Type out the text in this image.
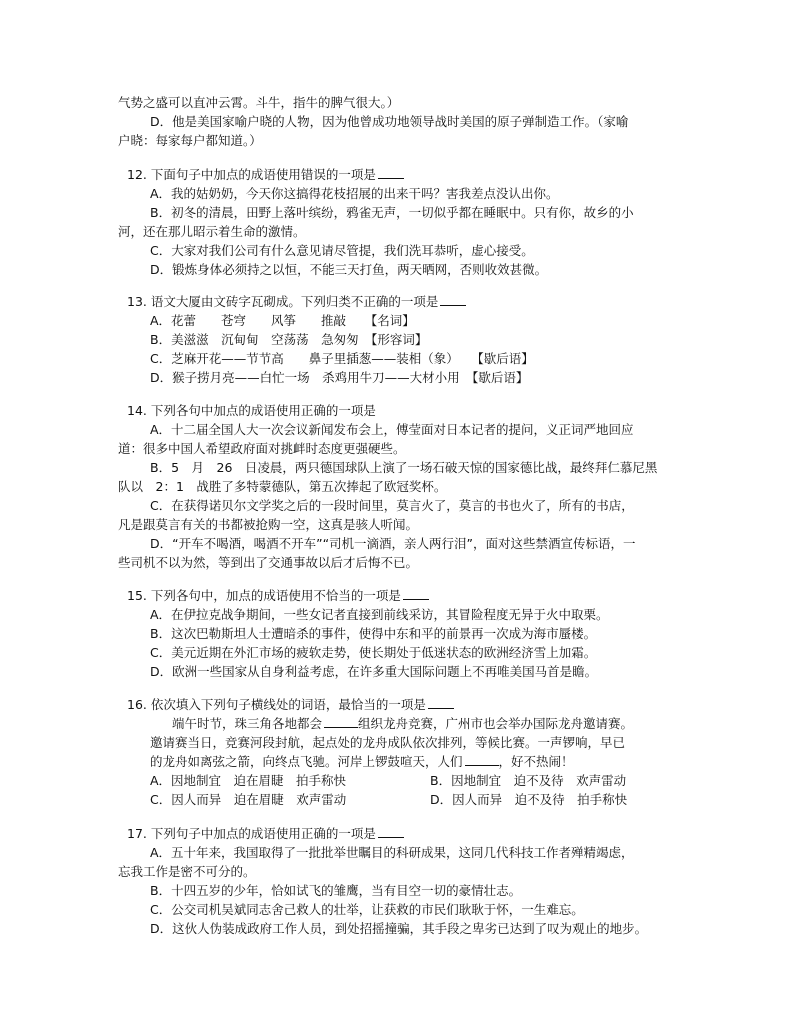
气势之盛可以直冲云霄。斗牛，指牛的脾气很大。）
D．他是美国家喻户晓的人物，因为他曾成功地领导战时美国的原子弹制造工作。（家喻
户晓：每家每户都知道。）
12. 下面句子中加点的成语使用错误的一项是
A．我的姑奶奶，今天你这搞得花枝招展的出来干吗？害我差点没认出你。
B．初冬的清晨，田野上落叶缤纷，鸦雀无声，一切似乎都在睡眠中。只有你，故乡的小
河，还在那儿昭示着生命的激情。
C．大家对我们公司有什么意见请尽管提，我们洗耳恭听，虚心接受。
D．锻炼身体必须持之以恒，不能三天打鱼，两天晒网，否则收效甚微。
13. 语文大厦由文砖字瓦砌成。下列归类不正确的一项是
A．花蕾　　苍穹　　风筝　　推敲　　【名词】
B．美滋滋　沉甸甸　空荡荡　急匆匆　【形容词】
C．芝麻开花——节节高　　鼻子里插葱——装相（象）　　【歇后语】
D．猴子捞月亮——白忙一场　杀鸡用牛刀——大材小用　【歇后语】
14. 下列各句中加点的成语使用正确的一项是
A．十二届全国人大一次会议新闻发布会上，傅莹面对日本记者的提问，义正词严地回应
道：很多中国人希望政府面对挑衅时态度更强硬些。
B．5　月　26　日凌晨，两只德国球队上演了一场石破天惊的国家德比战，最终拜仁慕尼黑
队以　2：1　战胜了多特蒙德队，第五次捧起了欧冠奖杯。
C．在获得诺贝尔文学奖之后的一段时间里，莫言火了，莫言的书也火了，所有的书店，
凡是跟莫言有关的书都被抢购一空，这真是骇人听闻。
D．“开车不喝酒，喝酒不开车”“司机一滴酒，亲人两行泪”，面对这些禁酒宣传标语，一
些司机不以为然，等到出了交通事故以后才后悔不已。
15. 下列各句中，加点的成语使用不恰当的一项是
A．在伊拉克战争期间，一些女记者直接到前线采访，其冒险程度无异于火中取栗。
B．这次巴勒斯坦人士遭暗杀的事件，使得中东和平的前景再一次成为海市蜃楼。
C．美元近期在外汇市场的疲软走势，使长期处于低迷状态的欧洲经济雪上加霜。
D．欧洲一些国家从自身利益考虑，在许多重大国际问题上不再唯美国马首是瞻。
16. 依次填入下列句子横线处的词语，最恰当的一项是
端午时节，珠三角各地都会	组织龙舟竞赛，广州市也会举办国际龙舟邀请赛。
邀请赛当日，竞赛河段封航，起点处的龙舟成队依次排列，等候比赛。一声锣响，早已
的龙舟如离弦之箭，向终点飞驰。河岸上锣鼓喧天，人们	，好不热闹！
A．因地制宜　迫在眉睫　拍手称快	B．因地制宜　迫不及待　欢声雷动
C．因人而异　迫在眉睫　欢声雷动	D．因人而异　迫不及待　拍手称快
17. 下列句子中加点的成语使用正确的一项是
A．五十年来，我国取得了一批批举世瞩目的科研成果，这同几代科技工作者殚精竭虑，
忘我工作是密不可分的。
B．十四五岁的少年，恰如试飞的雏鹰，当有目空一切的豪情壮志。
C．公交司机吴斌同志舍己救人的壮举，让获救的市民们耿耿于怀，一生难忘。
D．这伙人伪装成政府工作人员，到处招摇撞骗，其手段之卑劣已达到了叹为观止的地步。
